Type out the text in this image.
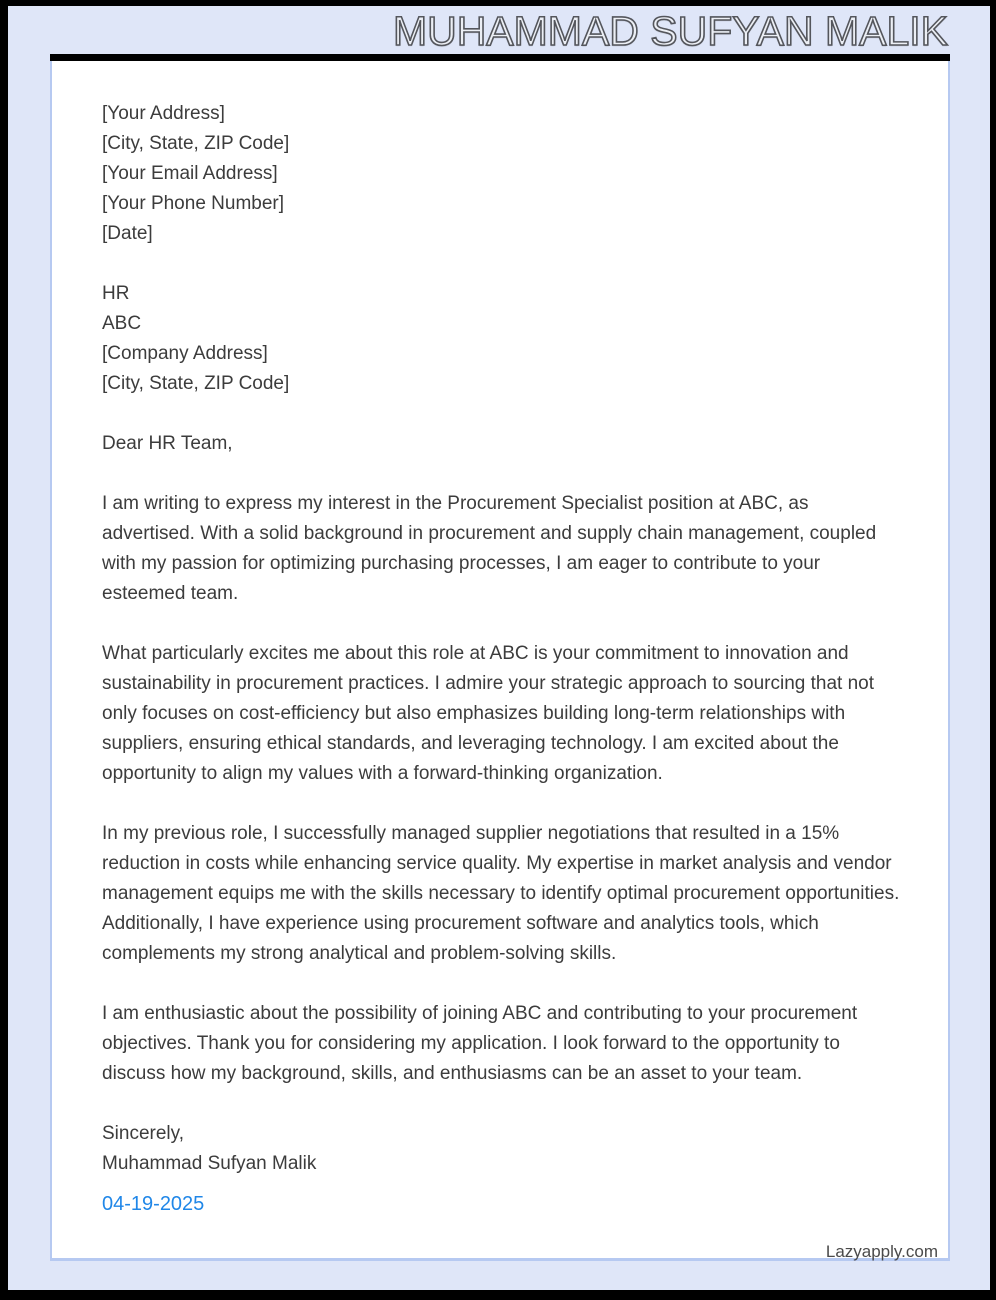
MUHAMMAD SUFYAN MALIK
[Your Address]
[City, State, ZIP Code]
[Your Email Address]
[Your Phone Number]
[Date]
HR
ABC
[Company Address]
[City, State, ZIP Code]
Dear HR Team,

I am writing to express my interest in the Procurement Specialist position at ABC, as advertised. With a solid background in procurement and supply chain management, coupled with my passion for optimizing purchasing processes, I am eager to contribute to your esteemed team.

What particularly excites me about this role at ABC is your commitment to innovation and sustainability in procurement practices. I admire your strategic approach to sourcing that not only focuses on cost-efficiency but also emphasizes building long-term relationships with suppliers, ensuring ethical standards, and leveraging technology. I am excited about the opportunity to align my values with a forward-thinking organization.

In my previous role, I successfully managed supplier negotiations that resulted in a 15% reduction in costs while enhancing service quality. My expertise in market analysis and vendor management equips me with the skills necessary to identify optimal procurement opportunities. Additionally, I have experience using procurement software and analytics tools, which complements my strong analytical and problem-solving skills.

I am enthusiastic about the possibility of joining ABC and contributing to your procurement objectives. Thank you for considering my application. I look forward to the opportunity to discuss how my background, skills, and enthusiasms can be an asset to your team.

Sincerely,
Muhammad Sufyan Malik
04-19-2025
Lazyapply.com
